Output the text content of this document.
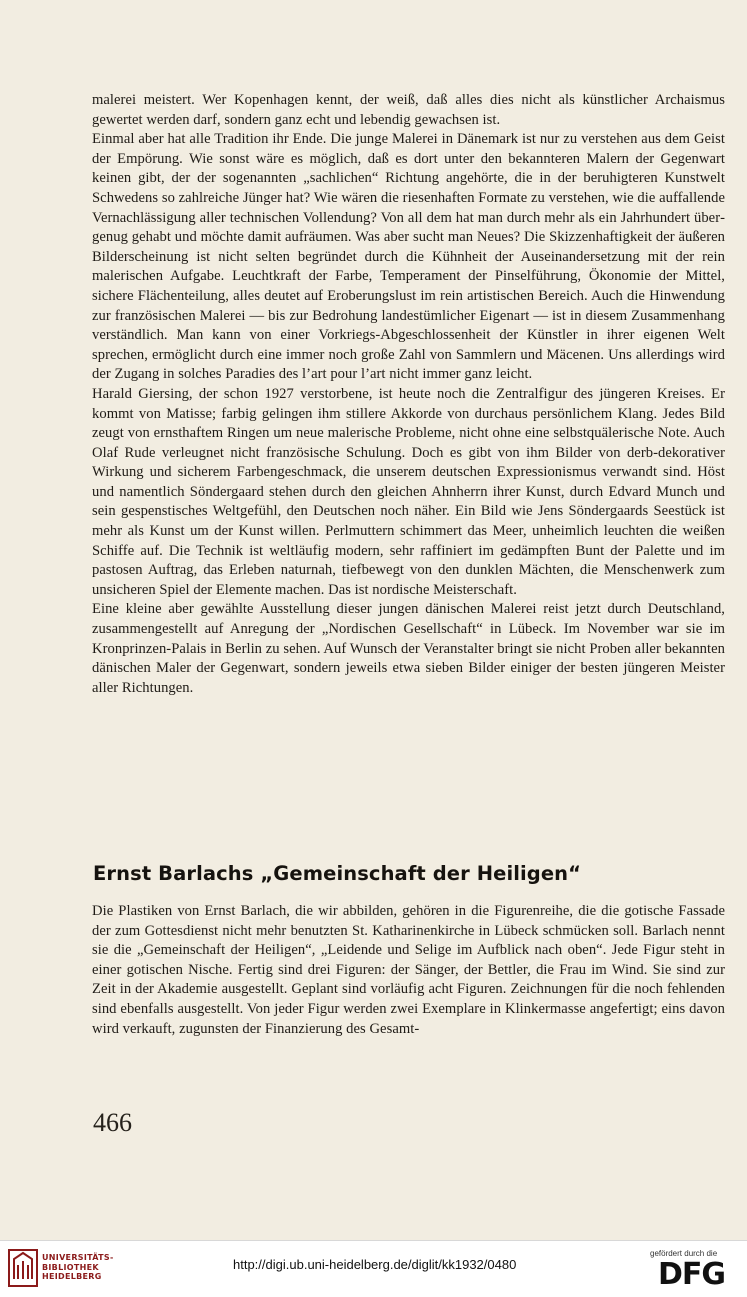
malerei meistert. Wer Kopenhagen kennt, der weiß, daß alles dies nicht als künstlicher Archaismus gewertet werden darf, sondern ganz echt und lebendig gewachsen ist.

Einmal aber hat alle Tradition ihr Ende. Die junge Malerei in Dänemark ist nur zu verstehen aus dem Geist der Empörung. Wie sonst wäre es möglich, daß es dort unter den bekannteren Malern der Gegenwart keinen gibt, der der sogenannten „sachlichen“ Richtung angehörte, die in der beruhigteren Kunstwelt Schwedens so zahlreiche Jünger hat? Wie wären die riesenhaften Formate zu verstehen, wie die auffallende Vernachlässigung aller technischen Vollendung? Von all dem hat man durch mehr als ein Jahrhundert übergenug gehabt und möchte damit aufräumen. Was aber sucht man Neues? Die Skizzenhaftigkeit der äußeren Bilderscheinung ist nicht selten begründet durch die Kühnheit der Auseinandersetzung mit der rein malerischen Aufgabe. Leuchtkraft der Farbe, Temperament der Pinselführung, Ökonomie der Mittel, sichere Flächenteilung, alles deutet auf Eroberungslust im rein artistischen Bereich. Auch die Hinwendung zur französischen Malerei — bis zur Bedrohung landestümlicher Eigenart — ist in diesem Zusammenhang verständlich. Man kann von einer Vorkriegs-Abgeschlossenheit der Künstler in ihrer eigenen Welt sprechen, ermöglicht durch eine immer noch große Zahl von Sammlern und Mäcenen. Uns allerdings wird der Zugang in solches Paradies des l’art pour l’art nicht immer ganz leicht.

Harald Giersing, der schon 1927 verstorbene, ist heute noch die Zentralfigur des jüngeren Kreises. Er kommt von Matisse; farbig gelingen ihm stillere Akkorde von durchaus persönlichem Klang. Jedes Bild zeugt von ernsthaftem Ringen um neue malerische Probleme, nicht ohne eine selbstquälerische Note. Auch Olaf Rude verleugnet nicht französische Schulung. Doch es gibt von ihm Bilder von derb-dekorativer Wirkung und sicherem Farbengeschmack, die unserem deutschen Expressionismus verwandt sind. Höst und namentlich Söndergaard stehen durch den gleichen Ahnherrn ihrer Kunst, durch Edvard Munch und sein gespenstisches Weltgefühl, den Deutschen noch näher. Ein Bild wie Jens Söndergaards Seestück ist mehr als Kunst um der Kunst willen. Perlmuttern schimmert das Meer, unheimlich leuchten die weißen Schiffe auf. Die Technik ist weltläufig modern, sehr raffiniert im gedämpften Bunt der Palette und im pastosen Auftrag, das Erleben naturnah, tiefbewegt von den dunklen Mächten, die Menschenwerk zum unsicheren Spiel der Elemente machen. Das ist nordische Meisterschaft.

Eine kleine aber gewählte Ausstellung dieser jungen dänischen Malerei reist jetzt durch Deutschland, zusammengestellt auf Anregung der „Nordischen Gesellschaft“ in Lübeck. Im November war sie im Kronprinzen-Palais in Berlin zu sehen. Auf Wunsch der Veranstalter bringt sie nicht Proben aller bekannten dänischen Maler der Gegenwart, sondern jeweils etwa sieben Bilder einiger der besten jüngeren Meister aller Richtungen.

Ernst Barlachs „Gemeinschaft der Heiligen“

Die Plastiken von Ernst Barlach, die wir abbilden, gehören in die Figurenreihe, die die gotische Fassade der zum Gottesdienst nicht mehr benutzten St. Katharinenkirche in Lübeck schmücken soll. Barlach nennt sie die „Gemeinschaft der Heiligen“, „Leidende und Selige im Aufblick nach oben“. Jede Figur steht in einer gotischen Nische. Fertig sind drei Figuren: der Sänger, der Bettler, die Frau im Wind. Sie sind zur Zeit in der Akademie ausgestellt. Geplant sind vorläufig acht Figuren. Zeichnungen für die noch fehlenden sind ebenfalls ausgestellt. Von jeder Figur werden zwei Exemplare in Klinkermasse angefertigt; eins davon wird verkauft, zugunsten der Finanzierung des Gesamt-

466
UNIVERSITÄTS-
BIBLIOTHEK
HEIDELBERG
http://digi.ub.uni-heidelberg.de/diglit/kk1932/0480
gefördert durch die
DFG
